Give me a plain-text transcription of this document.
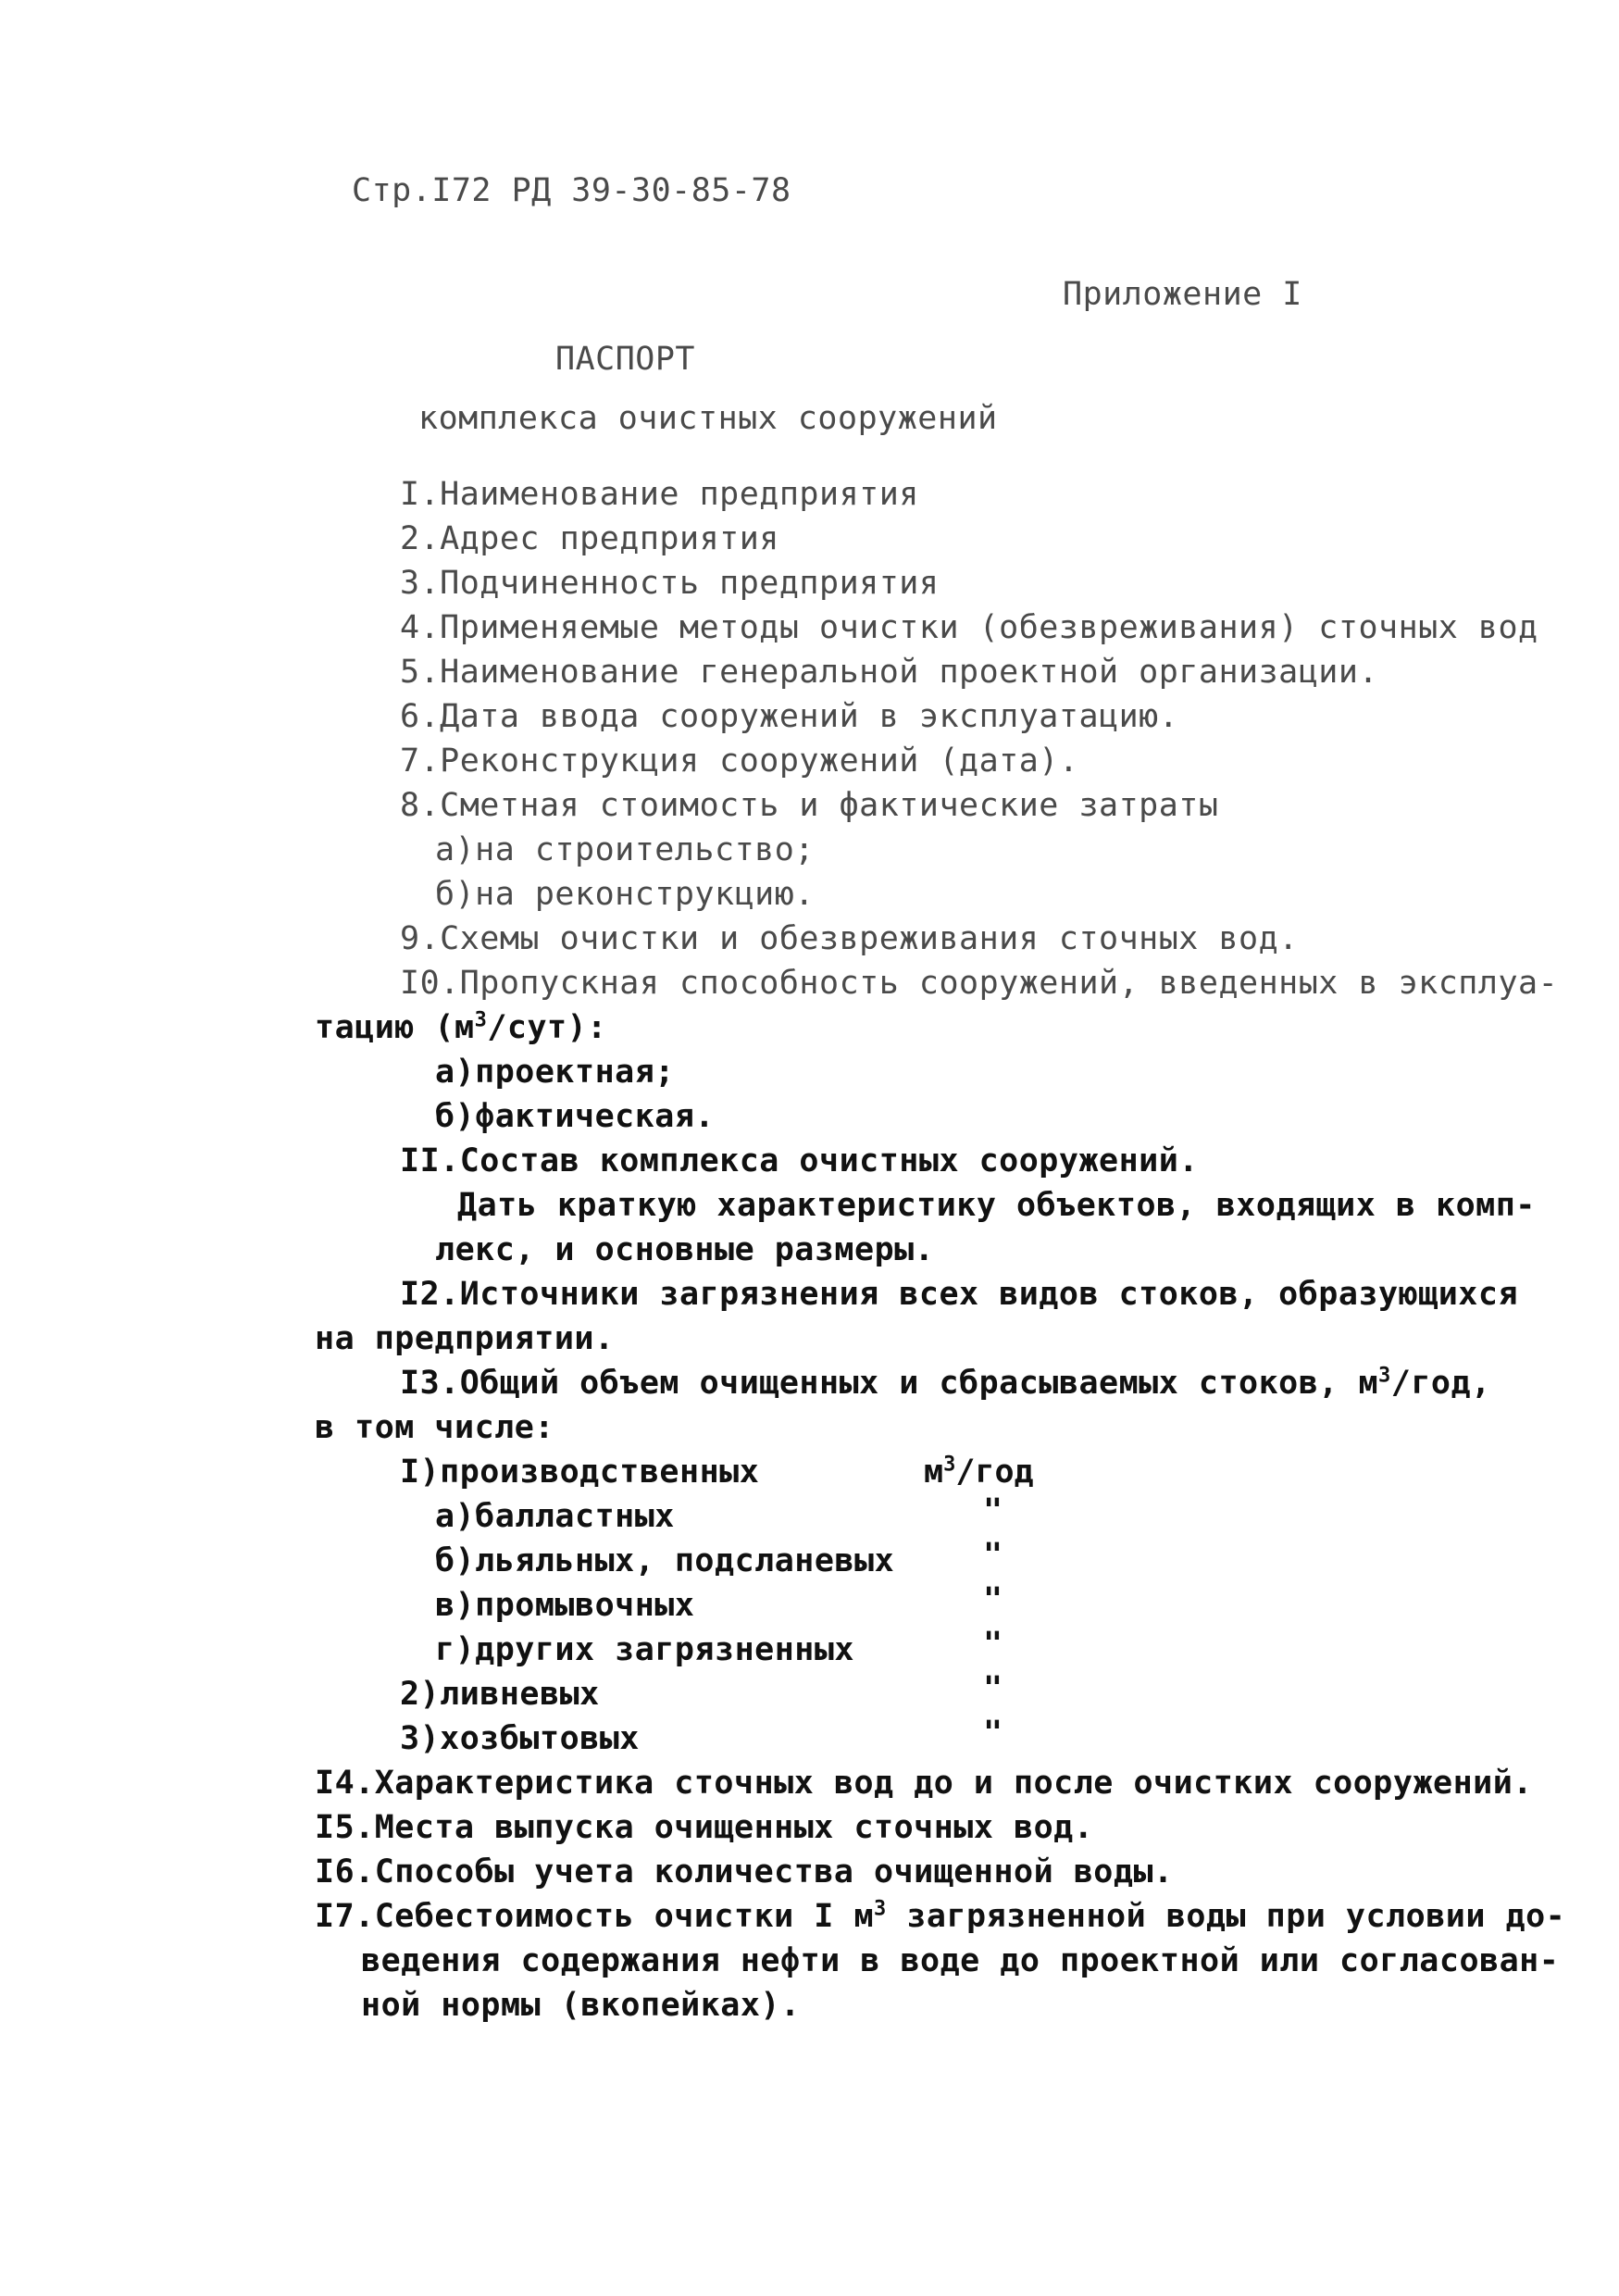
Стр.I72 РД 39-30-85-78
Приложение I
ПАСПОРТ
комплекса очистных сооружений
I.Наименование предприятия
2.Адрес предприятия
3.Подчиненность предприятия
4.Применяемые методы очистки (обезвреживания) сточных вод
5.Наименование генеральной проектной организации.
6.Дата ввода сооружений в эксплуатацию.
7.Реконструкция сооружений (дата).
8.Сметная стоимость и фактические затраты
а)на строительство;
б)на реконструкцию.
9.Схемы очистки и обезвреживания сточных вод.
I0.Пропускная способность сооружений, введенных в эксплуа-
тацию $(м^3/сут)$:
а)проектная;
б)фактическая.
II.Состав комплекса очистных сооружений.
Дать краткую характеристику объектов, входящих в комп-
лекс, и основные размеры.
I2.Источники загрязнения всех видов стоков, образующихся
на предприятии.
I3.Общий объем очищенных и сбрасываемых стоков, $м^3$/год,
в том числе:
I)производственных	$м^3$/год
а)балластных	"
б)льяльных, подсланевых	"
в)промывочных	"
г)других загрязненных	"
2)ливневых	"
3)хозбытовых	"
I4.Характеристика сточных вод до и после очистких сооружений.
I5.Места выпуска очищенных сточных вод.
I6.Способы учета количества очищенной воды.
I7.Себестоимость очистки I $м^3$ загрязненной воды при условии до-
ведения содержания нефти в воде до проектной или согласован-
ной нормы (вкопейках).
